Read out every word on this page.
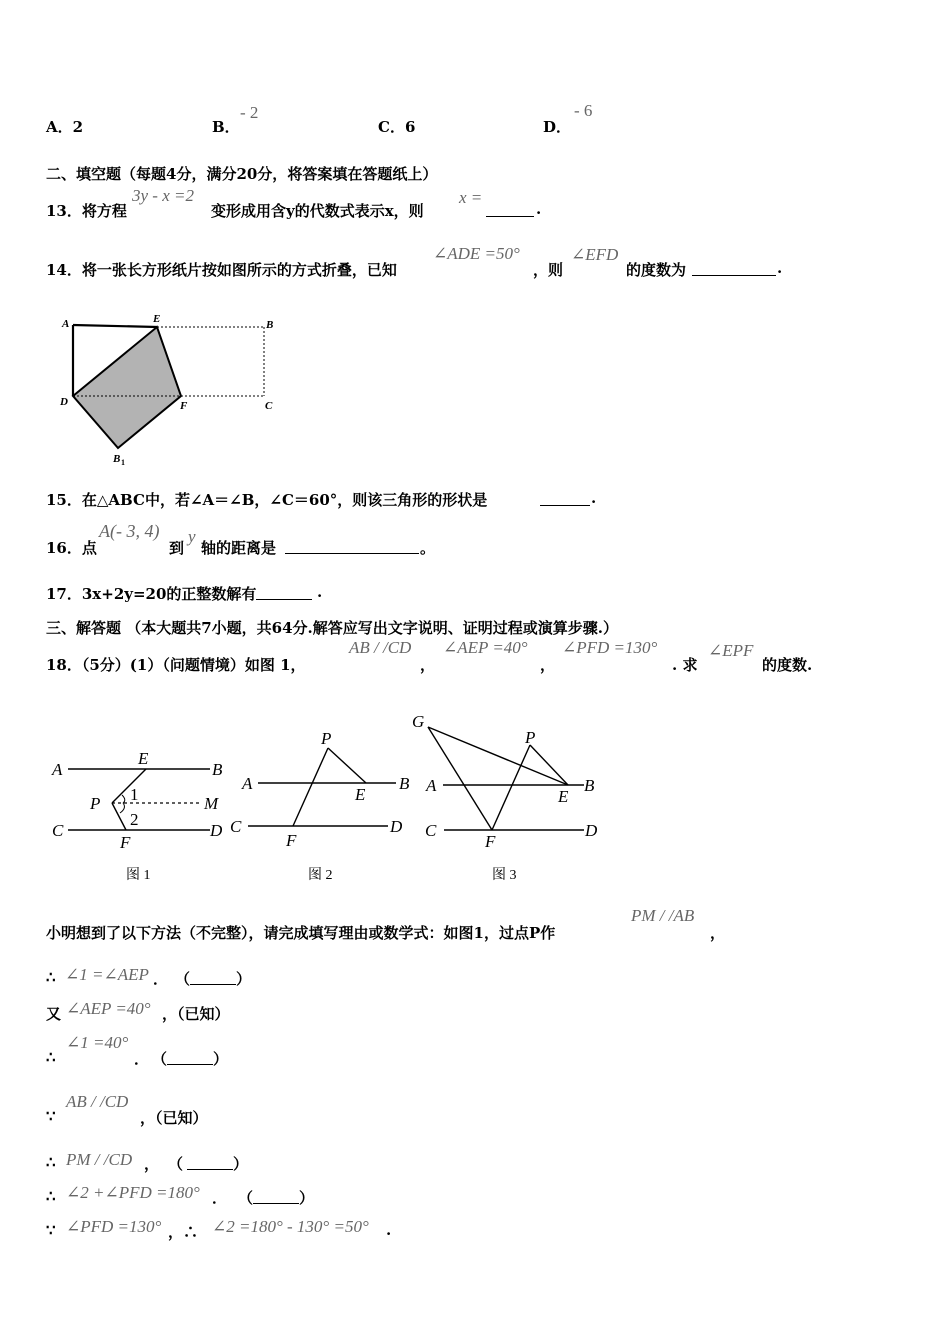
A．2	B．
- 2
C．6	D．
- 6
二、填空题（每题4分，满分20分，将答案填在答题纸上）
13．将方程
3y - x =2
变形成用含y的代数式表示x，则
x =
.
14．将一张长方形纸片按如图所示的方式折叠，已知
∠ADE =50°
，则
∠EFD
的度数为	.
A	E	B
D	F	C
B 1
15．在△ABC中，若∠A＝∠B，∠C＝60°，则该三角形的形状是	.
16．点
A(- 3, 4)
到
y
轴的距离是	。
17．3x+2y=20的正整数解有	.
三、解答题 （本大题共7小题，共64分.解答应写出文字说明、证明过程或演算步骤.）
18．（5分）(1）（问题情境）如图 1，
AB / /CD
，
∠AEP =40°
，
∠PFD =130°
. 求
∠EPF
的度数.
A
E
B
P 1	M
2
C
F
D
图 1
P
A
E
B
C
F
D
图 2
G
P
A
E
B
C
F
D
图 3
小明想到了以下方法（不完整），请完成填写理由或数学式：如图1，过点P作
PM / /AB
，
∴ ∠1 =∠AEP ． （	）
又 ∠AEP =40° ，（已知）
∴
∠1 =40°
． （	）
∵
AB / /CD
，（已知）
∴ PM / /CD ， （	）
∴ ∠2 +∠PFD =180° ． （	）
∵ ∠PFD =130° ，∴ ∠2 =180° - 130° =50° .
